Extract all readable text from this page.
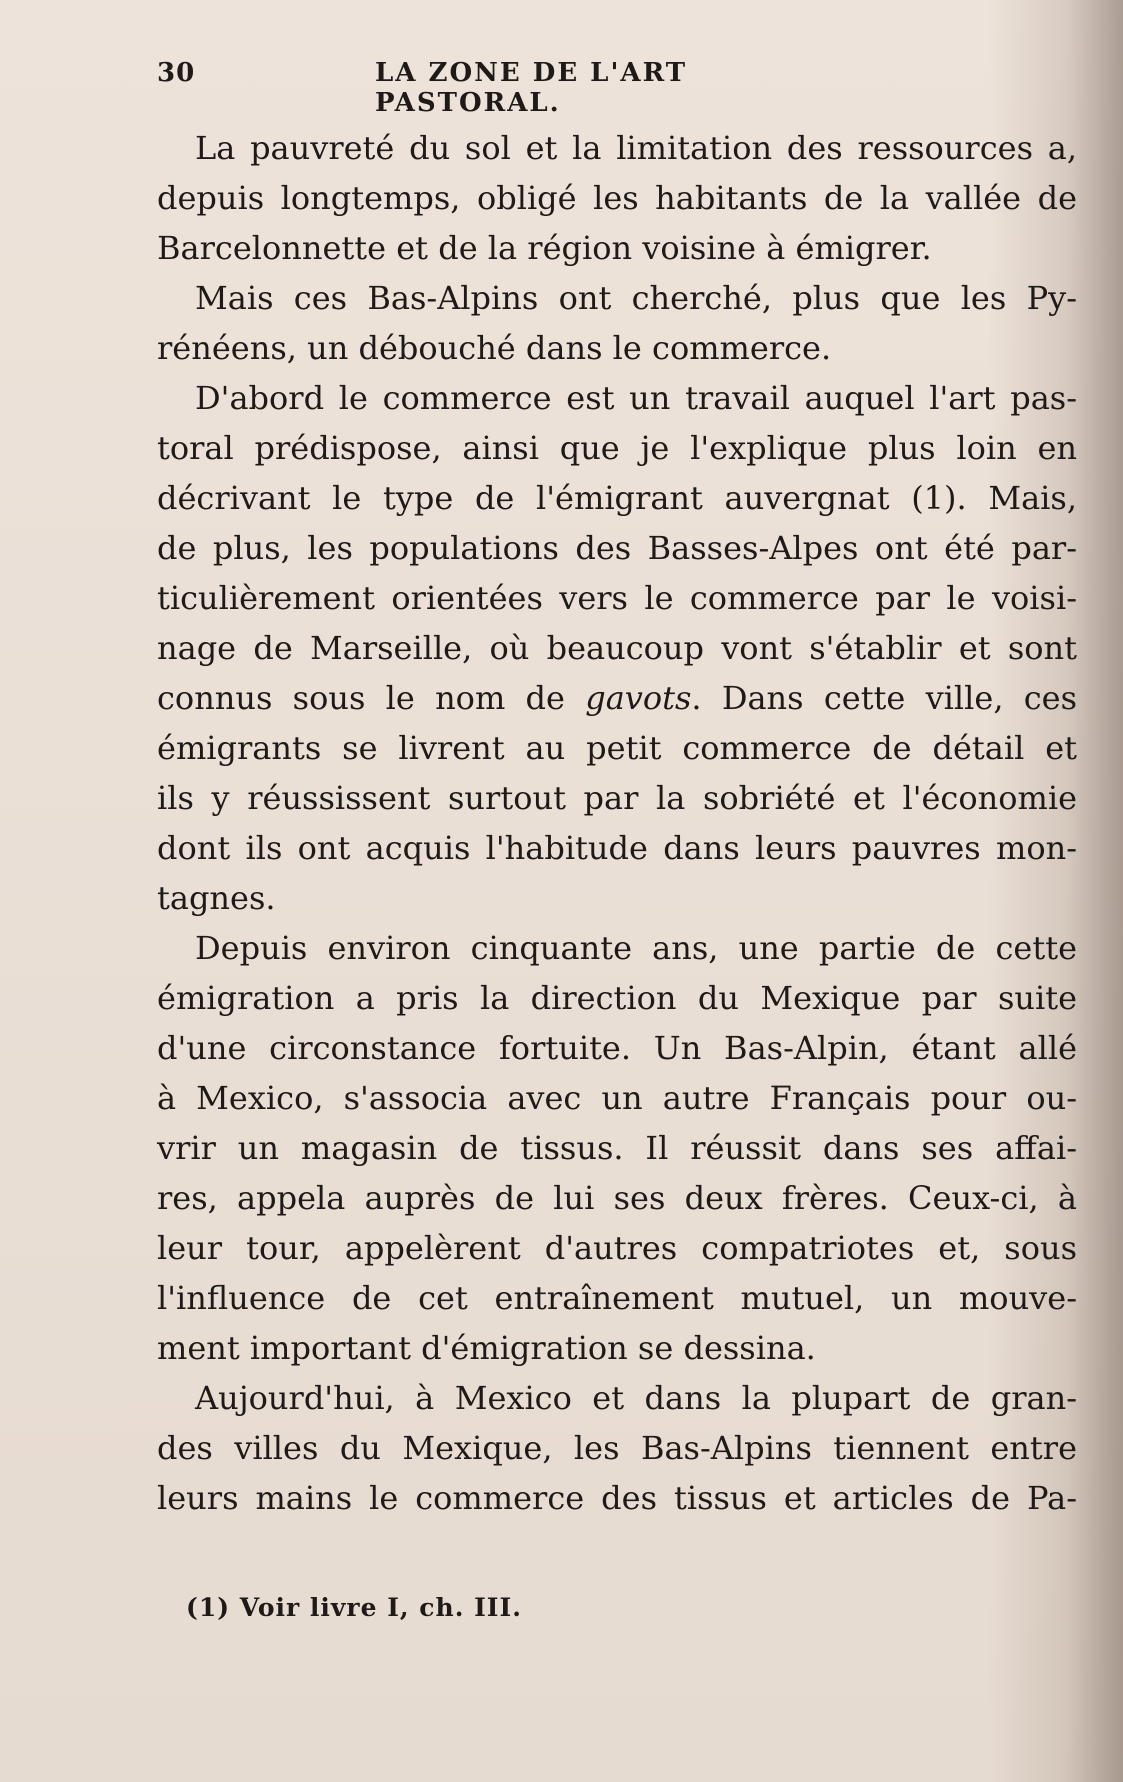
30	LA ZONE DE L'ART PASTORAL.
La pauvreté du sol et la limitation des ressources a,
depuis longtemps, obligé les habitants de la vallée de
Barcelonnette et de la région voisine à émigrer.
Mais ces Bas-Alpins ont cherché, plus que les Py-
rénéens, un débouché dans le commerce.
D'abord le commerce est un travail auquel l'art pas-
toral prédispose, ainsi que je l'explique plus loin en
décrivant le type de l'émigrant auvergnat (1). Mais,
de plus, les populations des Basses-Alpes ont été par-
ticulièrement orientées vers le commerce par le voisi-
nage de Marseille, où beaucoup vont s'établir et sont
connus sous le nom de gavots. Dans cette ville, ces
émigrants se livrent au petit commerce de détail et
ils y réussissent surtout par la sobriété et l'économie
dont ils ont acquis l'habitude dans leurs pauvres mon-
tagnes.
Depuis environ cinquante ans, une partie de cette
émigration a pris la direction du Mexique par suite
d'une circonstance fortuite. Un Bas-Alpin, étant allé
à Mexico, s'associa avec un autre Français pour ou-
vrir un magasin de tissus. Il réussit dans ses affai-
res, appela auprès de lui ses deux frères. Ceux-ci, à
leur tour, appelèrent d'autres compatriotes et, sous
l'influence de cet entraînement mutuel, un mouve-
ment important d'émigration se dessina.
Aujourd'hui, à Mexico et dans la plupart de gran-
des villes du Mexique, les Bas-Alpins tiennent entre
leurs mains le commerce des tissus et articles de Pa-
(1) Voir livre I, ch. III.
